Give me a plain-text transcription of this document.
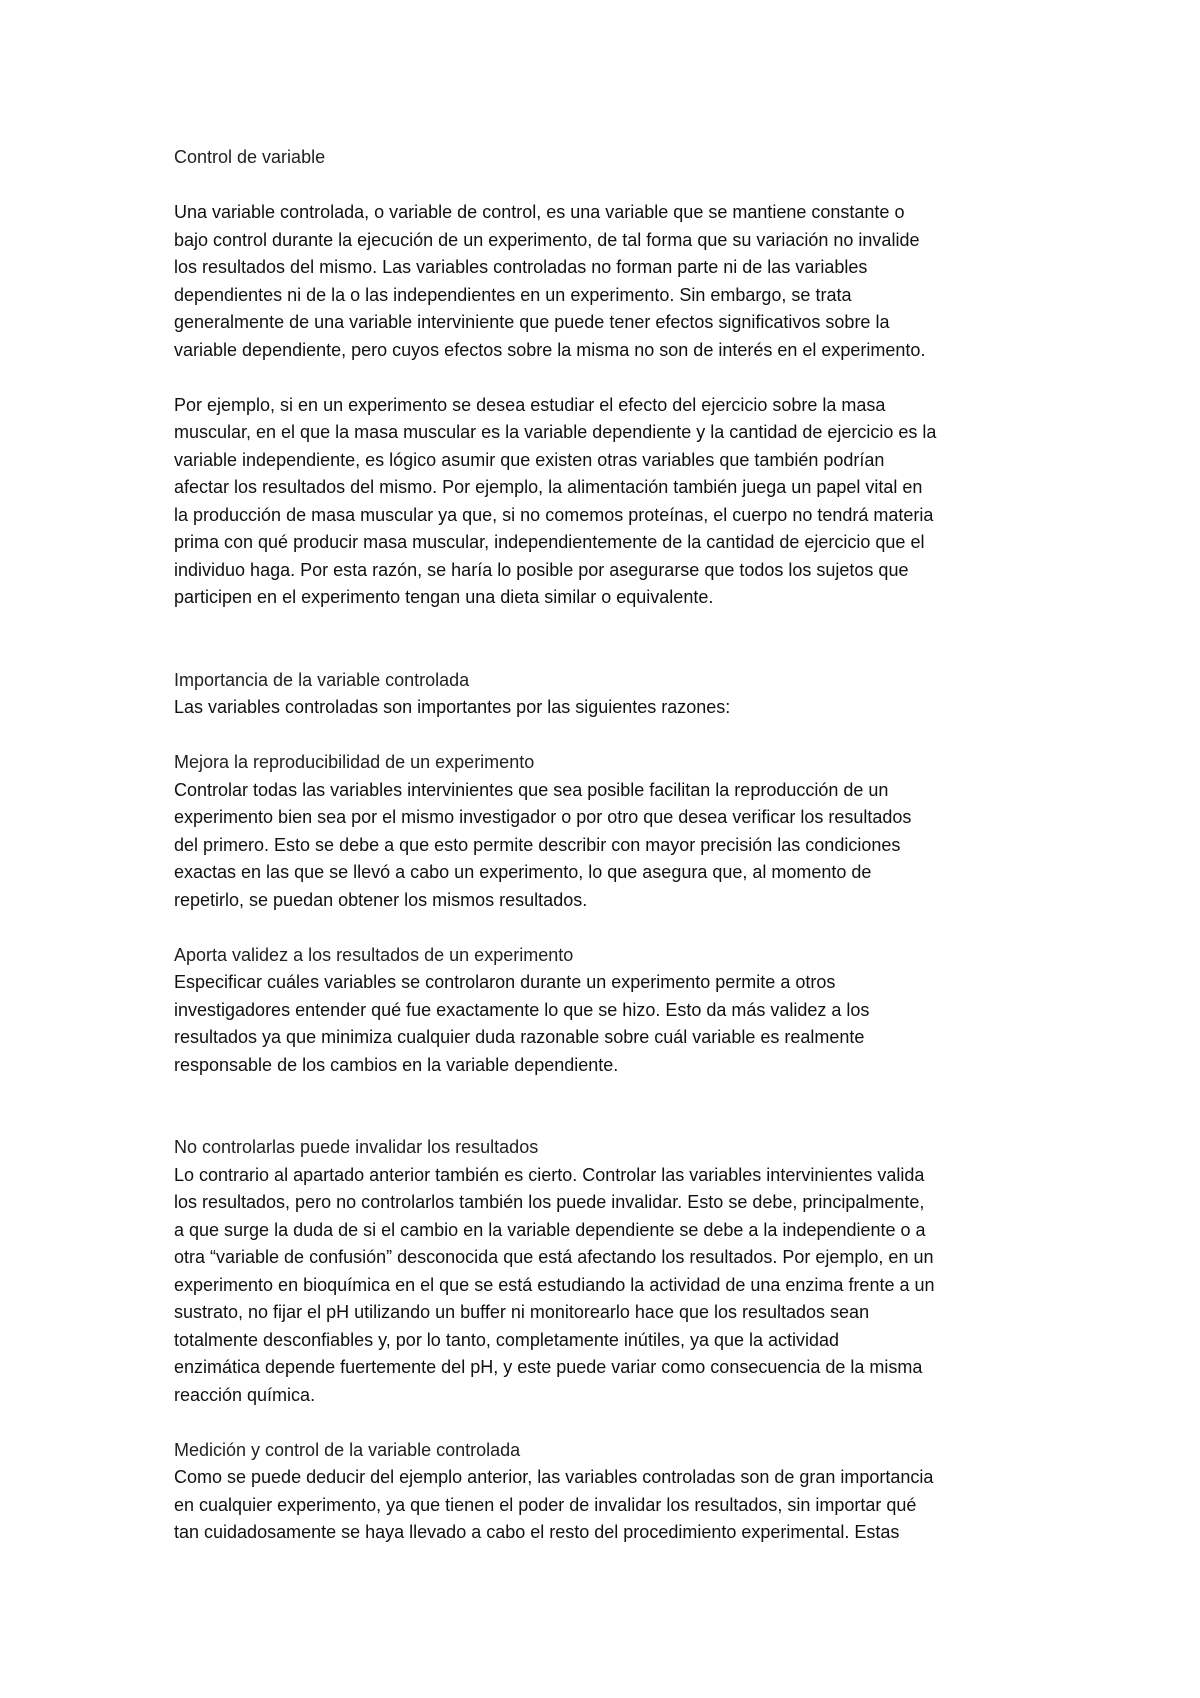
Control de variable

Una variable controlada, o variable de control, es una variable que se mantiene constante o
bajo control durante la ejecución de un experimento, de tal forma que su variación no invalide
los resultados del mismo. Las variables controladas no forman parte ni de las variables
dependientes ni de la o las independientes en un experimento. Sin embargo, se trata
generalmente de una variable interviniente que puede tener efectos significativos sobre la
variable dependiente, pero cuyos efectos sobre la misma no son de interés en el experimento.

Por ejemplo, si en un experimento se desea estudiar el efecto del ejercicio sobre la masa
muscular, en el que la masa muscular es la variable dependiente y la cantidad de ejercicio es la
variable independiente, es lógico asumir que existen otras variables que también podrían
afectar los resultados del mismo. Por ejemplo, la alimentación también juega un papel vital en
la producción de masa muscular ya que, si no comemos proteínas, el cuerpo no tendrá materia
prima con qué producir masa muscular, independientemente de la cantidad de ejercicio que el
individuo haga. Por esta razón, se haría lo posible por asegurarse que todos los sujetos que
participen en el experimento tengan una dieta similar o equivalente.

Importancia de la variable controlada

Las variables controladas son importantes por las siguientes razones:

Mejora la reproducibilidad de un experimento

Controlar todas las variables intervinientes que sea posible facilitan la reproducción de un
experimento bien sea por el mismo investigador o por otro que desea verificar los resultados
del primero. Esto se debe a que esto permite describir con mayor precisión las condiciones
exactas en las que se llevó a cabo un experimento, lo que asegura que, al momento de
repetirlo, se puedan obtener los mismos resultados.

Aporta validez a los resultados de un experimento

Especificar cuáles variables se controlaron durante un experimento permite a otros
investigadores entender qué fue exactamente lo que se hizo. Esto da más validez a los
resultados ya que minimiza cualquier duda razonable sobre cuál variable es realmente
responsable de los cambios en la variable dependiente.

No controlarlas puede invalidar los resultados

Lo contrario al apartado anterior también es cierto. Controlar las variables intervinientes valida
los resultados, pero no controlarlos también los puede invalidar. Esto se debe, principalmente,
a que surge la duda de si el cambio en la variable dependiente se debe a la independiente o a
otra “variable de confusión” desconocida que está afectando los resultados. Por ejemplo, en un
experimento en bioquímica en el que se está estudiando la actividad de una enzima frente a un
sustrato, no fijar el pH utilizando un buffer ni monitorearlo hace que los resultados sean
totalmente desconfiables y, por lo tanto, completamente inútiles, ya que la actividad
enzimática depende fuertemente del pH, y este puede variar como consecuencia de la misma
reacción química.

Medición y control de la variable controlada

Como se puede deducir del ejemplo anterior, las variables controladas son de gran importancia
en cualquier experimento, ya que tienen el poder de invalidar los resultados, sin importar qué
tan cuidadosamente se haya llevado a cabo el resto del procedimiento experimental. Estas
